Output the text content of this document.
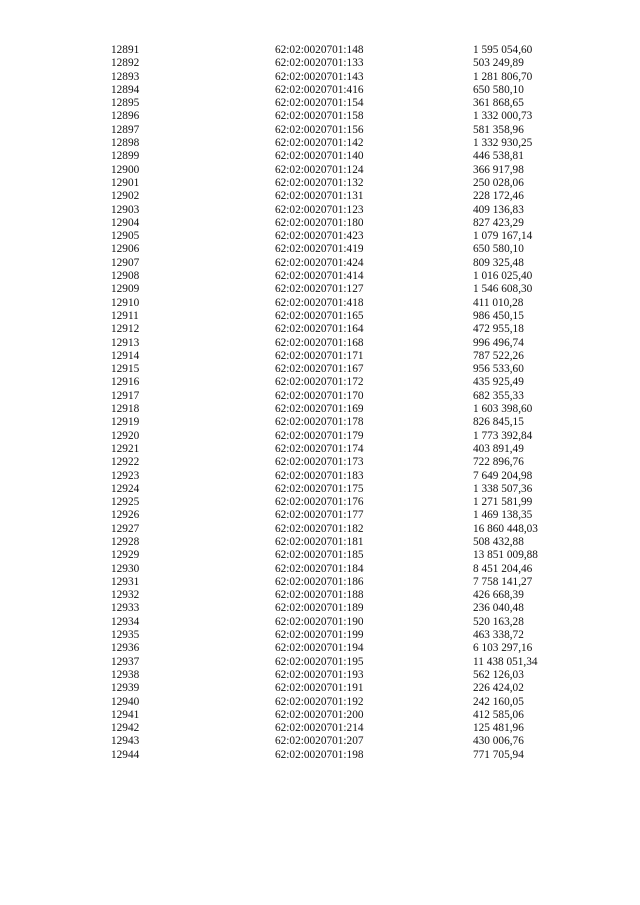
12891	62:02:0020701:148	1 595 054,60
12892	62:02:0020701:133	503 249,89
12893	62:02:0020701:143	1 281 806,70
12894	62:02:0020701:416	650 580,10
12895	62:02:0020701:154	361 868,65
12896	62:02:0020701:158	1 332 000,73
12897	62:02:0020701:156	581 358,96
12898	62:02:0020701:142	1 332 930,25
12899	62:02:0020701:140	446 538,81
12900	62:02:0020701:124	366 917,98
12901	62:02:0020701:132	250 028,06
12902	62:02:0020701:131	228 172,46
12903	62:02:0020701:123	409 136,83
12904	62:02:0020701:180	827 423,29
12905	62:02:0020701:423	1 079 167,14
12906	62:02:0020701:419	650 580,10
12907	62:02:0020701:424	809 325,48
12908	62:02:0020701:414	1 016 025,40
12909	62:02:0020701:127	1 546 608,30
12910	62:02:0020701:418	411 010,28
12911	62:02:0020701:165	986 450,15
12912	62:02:0020701:164	472 955,18
12913	62:02:0020701:168	996 496,74
12914	62:02:0020701:171	787 522,26
12915	62:02:0020701:167	956 533,60
12916	62:02:0020701:172	435 925,49
12917	62:02:0020701:170	682 355,33
12918	62:02:0020701:169	1 603 398,60
12919	62:02:0020701:178	826 845,15
12920	62:02:0020701:179	1 773 392,84
12921	62:02:0020701:174	403 891,49
12922	62:02:0020701:173	722 896,76
12923	62:02:0020701:183	7 649 204,98
12924	62:02:0020701:175	1 338 507,36
12925	62:02:0020701:176	1 271 581,99
12926	62:02:0020701:177	1 469 138,35
12927	62:02:0020701:182	16 860 448,03
12928	62:02:0020701:181	508 432,88
12929	62:02:0020701:185	13 851 009,88
12930	62:02:0020701:184	8 451 204,46
12931	62:02:0020701:186	7 758 141,27
12932	62:02:0020701:188	426 668,39
12933	62:02:0020701:189	236 040,48
12934	62:02:0020701:190	520 163,28
12935	62:02:0020701:199	463 338,72
12936	62:02:0020701:194	6 103 297,16
12937	62:02:0020701:195	11 438 051,34
12938	62:02:0020701:193	562 126,03
12939	62:02:0020701:191	226 424,02
12940	62:02:0020701:192	242 160,05
12941	62:02:0020701:200	412 585,06
12942	62:02:0020701:214	125 481,96
12943	62:02:0020701:207	430 006,76
12944	62:02:0020701:198	771 705,94
